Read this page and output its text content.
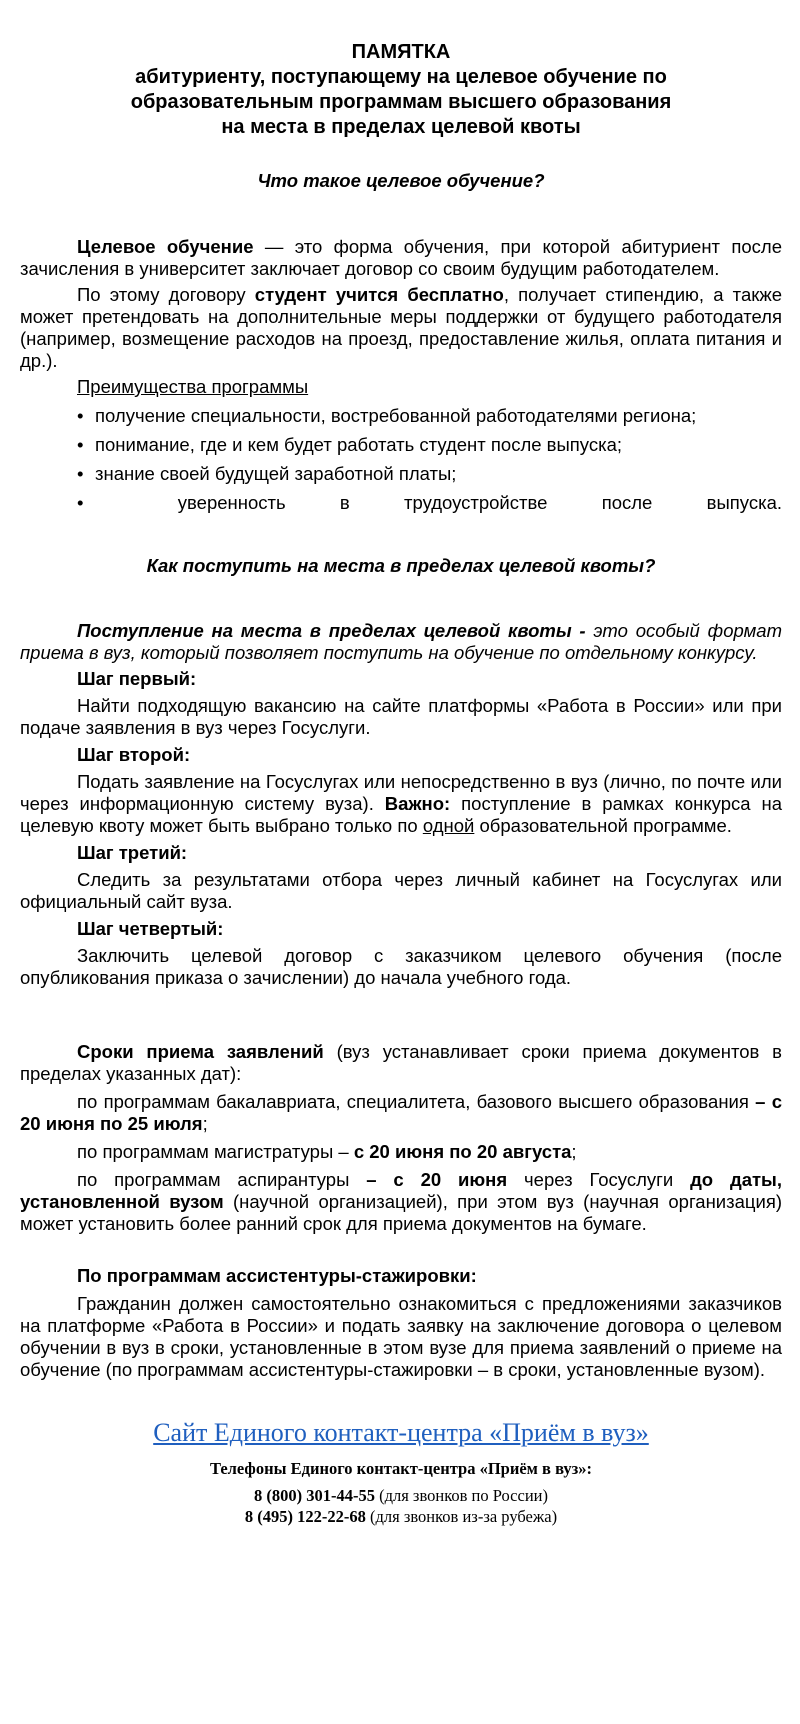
ПАМЯТКА
абитуриенту, поступающему на целевое обучение по
образовательным программам высшего образования
на места в пределах целевой квоты
Что такое целевое обучение?

Целевое обучение — это форма обучения, при которой абитуриент после зачисления в университет заключает договор со своим будущим работодателем.

По этому договору студент учится бесплатно, получает стипендию, а также может претендовать на дополнительные меры поддержки от будущего работодателя (например, возмещение расходов на проезд, предоставление жилья, оплата питания и др.).

Преимущества программы

• получение специальности, востребованной работодателями региона;
• понимание, где и кем будет работать студент после выпуска;
• знание своей будущей заработной платы;
•	уверенность в трудоустройстве после выпуска.
Как поступить на места в пределах целевой квоты?

Поступление на места в пределах целевой квоты - это особый формат приема в вуз, который позволяет поступить на обучение по отдельному конкурсу.

Шаг первый:

Найти подходящую вакансию на сайте платформы «Работа в России» или при подаче заявления в вуз через Госуслуги.

Шаг второй:

Подать заявление на Госуслугах или непосредственно в вуз (лично, по почте или через информационную систему вуза). Важно: поступление в рамках конкурса на целевую квоту может быть выбрано только по одной образовательной программе.

Шаг третий:

Следить за результатами отбора через личный кабинет на Госуслугах или официальный сайт вуза.

Шаг четвертый:

Заключить целевой договор с заказчиком целевого обучения (после опубликования приказа о зачислении) до начала учебного года.

Сроки приема заявлений (вуз устанавливает сроки приема документов в пределах указанных дат):

по программам бакалавриата, специалитета, базового высшего образования – с 20 июня по 25 июля;

по программам магистратуры – с 20 июня по 20 августа;

по программам аспирантуры – с 20 июня через Госуслуги до даты, установленной вузом (научной организацией), при этом вуз (научная организация) может установить более ранний срок для приема документов на бумаге.

По программам ассистентуры-стажировки:

Гражданин должен самостоятельно ознакомиться с предложениями заказчиков на платформе «Работа в России» и подать заявку на заключение договора о целевом обучении в вуз в сроки, установленные в этом вузе для приема заявлений о приеме на обучение (по программам ассистентуры-стажировки – в сроки, установленные вузом).

Сайт Единого контакт-центра «Приём в вуз»
Телефоны Единого контакт-центра «Приём в вуз»:
8 (800) 301-44-55 (для звонков по России)
8 (495) 122-22-68 (для звонков из-за рубежа)
